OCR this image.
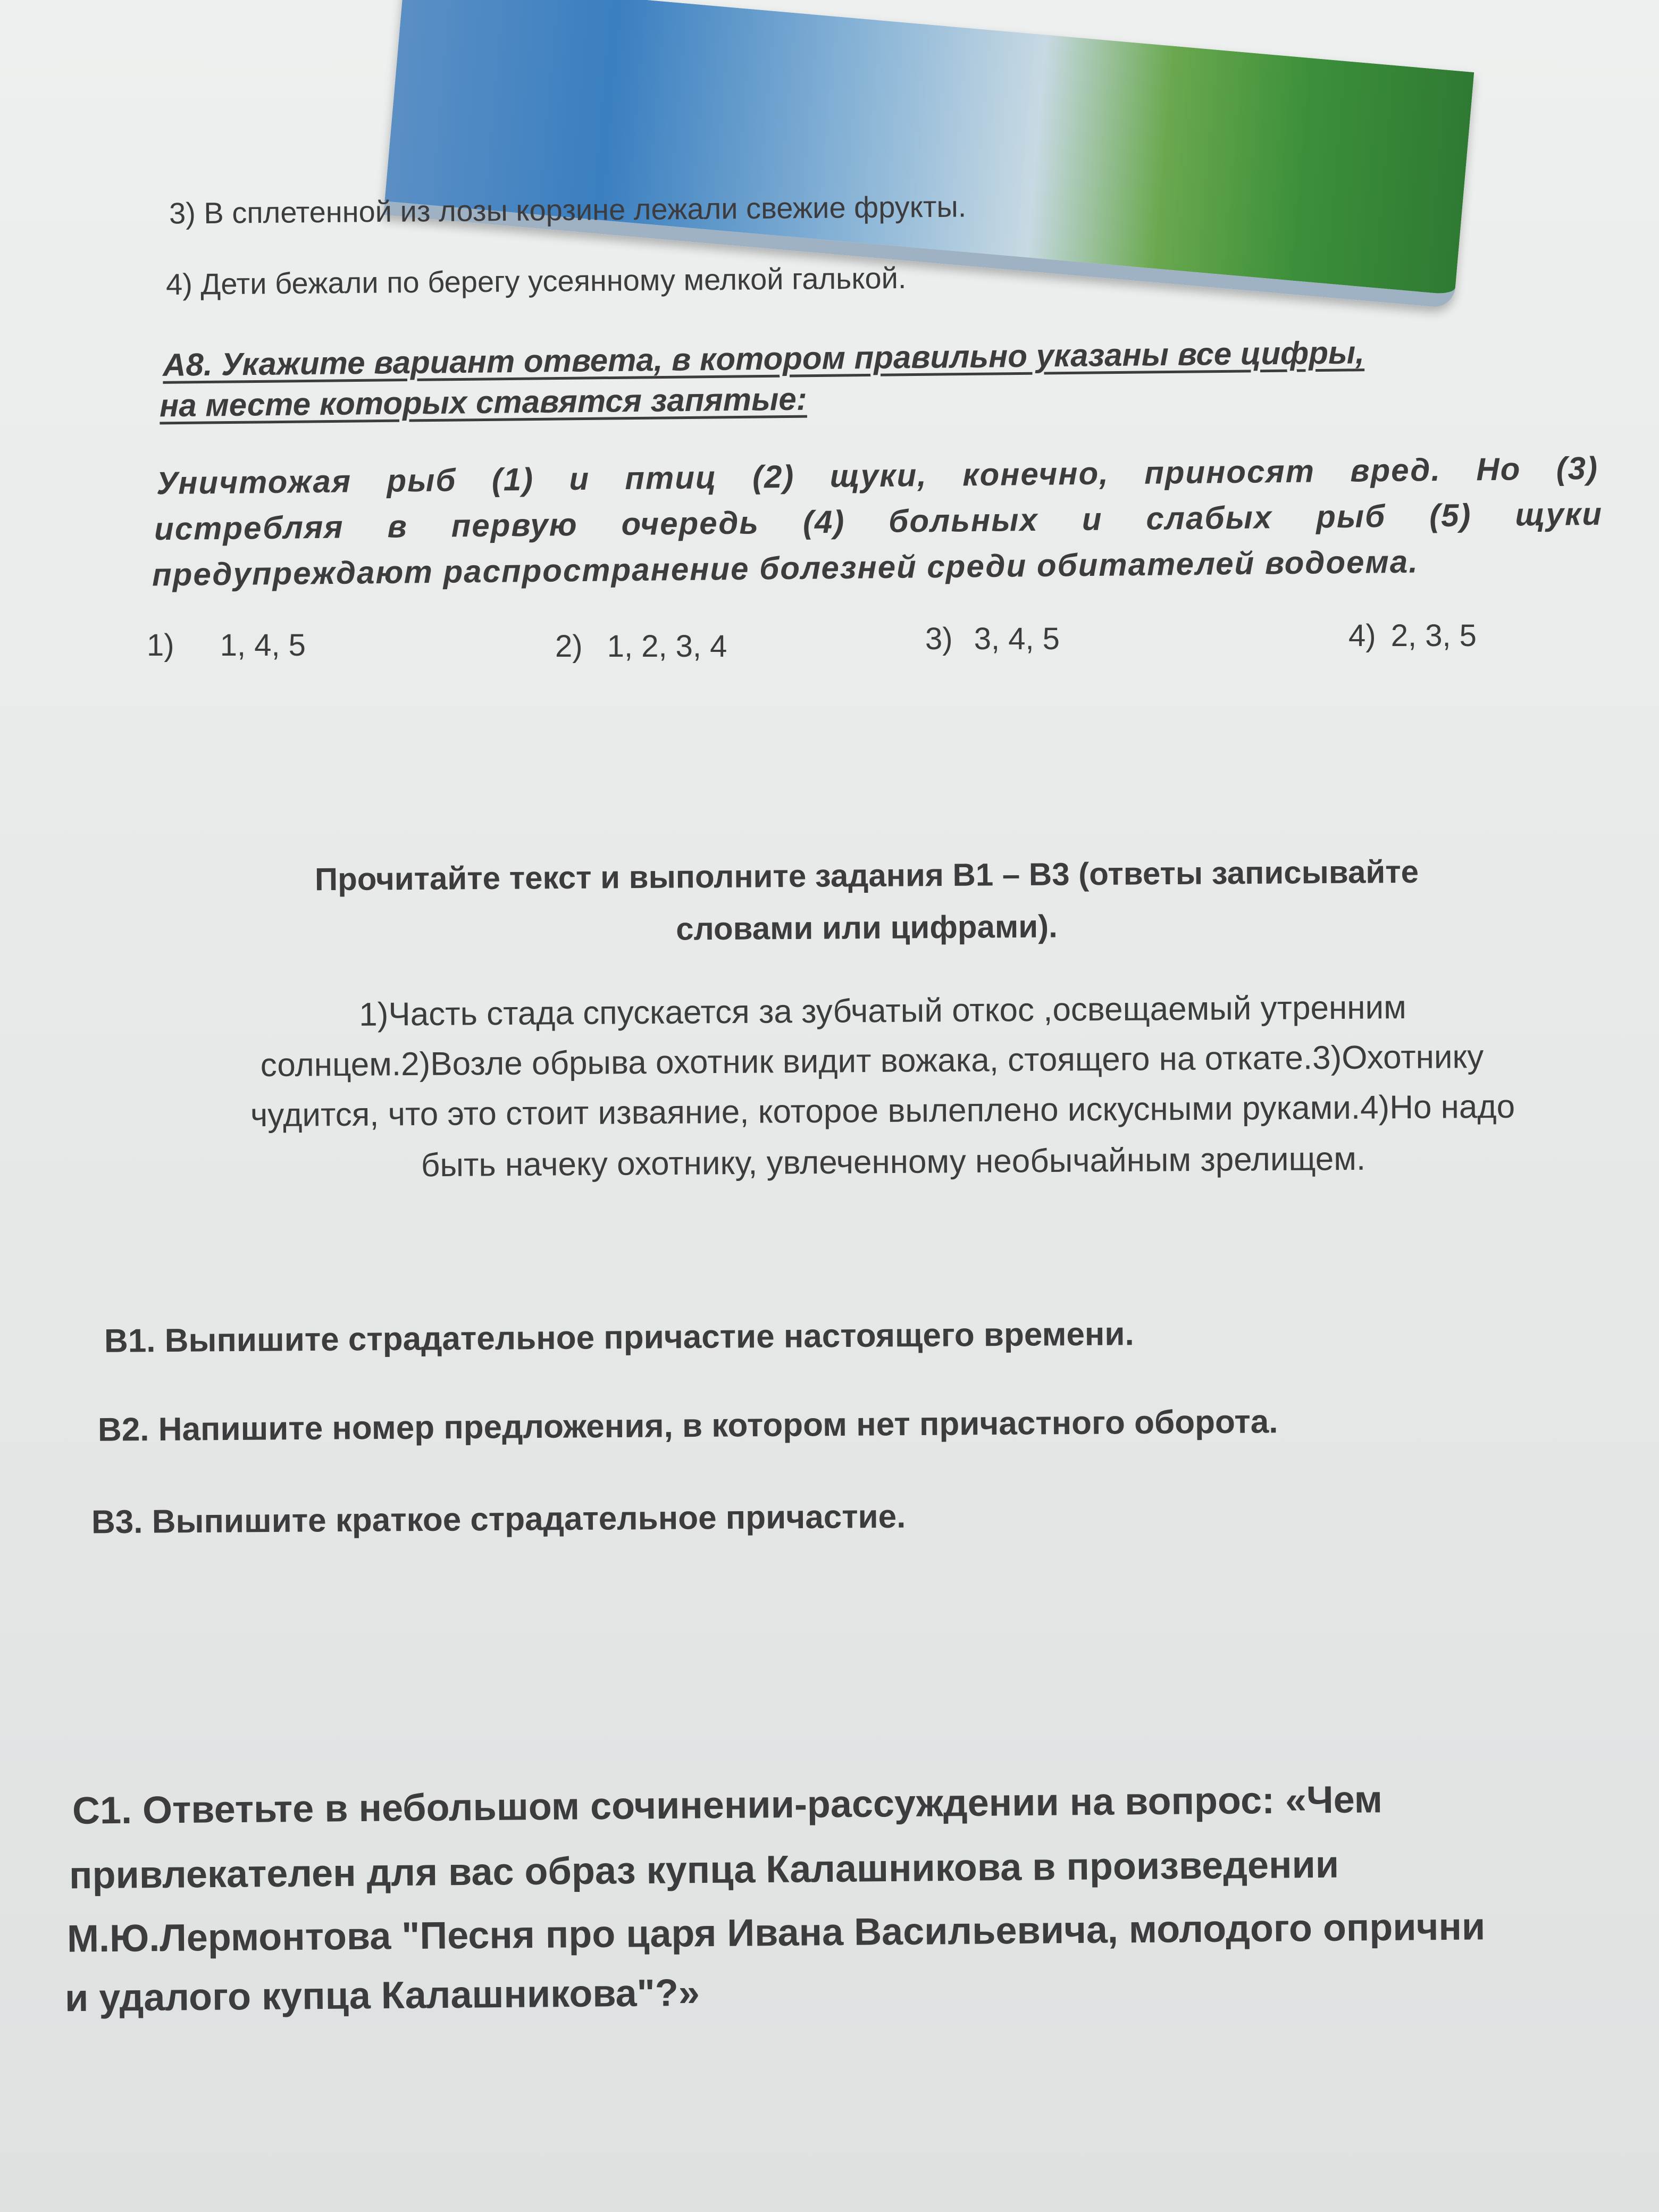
3) В сплетенной из лозы корзине лежали свежие фрукты.
4) Дети бежали по берегу усеянному мелкой галькой.
А8. Укажите вариант ответа, в котором правильно указаны все цифры,
на месте которых ставятся запятые:
Уничтожая рыб (1) и птиц (2) щуки, конечно, приносят вред. Но (3)
истребляя в первую очередь (4) больных и слабых рыб (5) щуки
предупреждают распространение болезней среди обитателей водоема.
1) 1, 4, 5	2) 1, 2, 3, 4	3) 3, 4, 5	4) 2, 3, 5
Прочитайте текст и выполните задания В1 – В3 (ответы записывайте
словами или цифрами).
1)Часть стада спускается за зубчатый откос ,освещаемый утренним
солнцем.2)Возле обрыва охотник видит вожака, стоящего на откате.3)Охотнику
чудится, что это стоит изваяние, которое вылеплено искусными руками.4)Но надо
быть начеку охотнику, увлеченному необычайным зрелищем.
В1. Выпишите страдательное причастие настоящего времени.
В2. Напишите номер предложения, в котором нет причастного оборота.
В3. Выпишите краткое страдательное причастие.
С1. Ответьте в небольшом сочинении-рассуждении на вопрос: «Чем
привлекателен для вас образ купца Калашникова в произведении
М.Ю.Лермонтова "Песня про царя Ивана Васильевича, молодого опрични
и удалого купца Калашникова"?»
